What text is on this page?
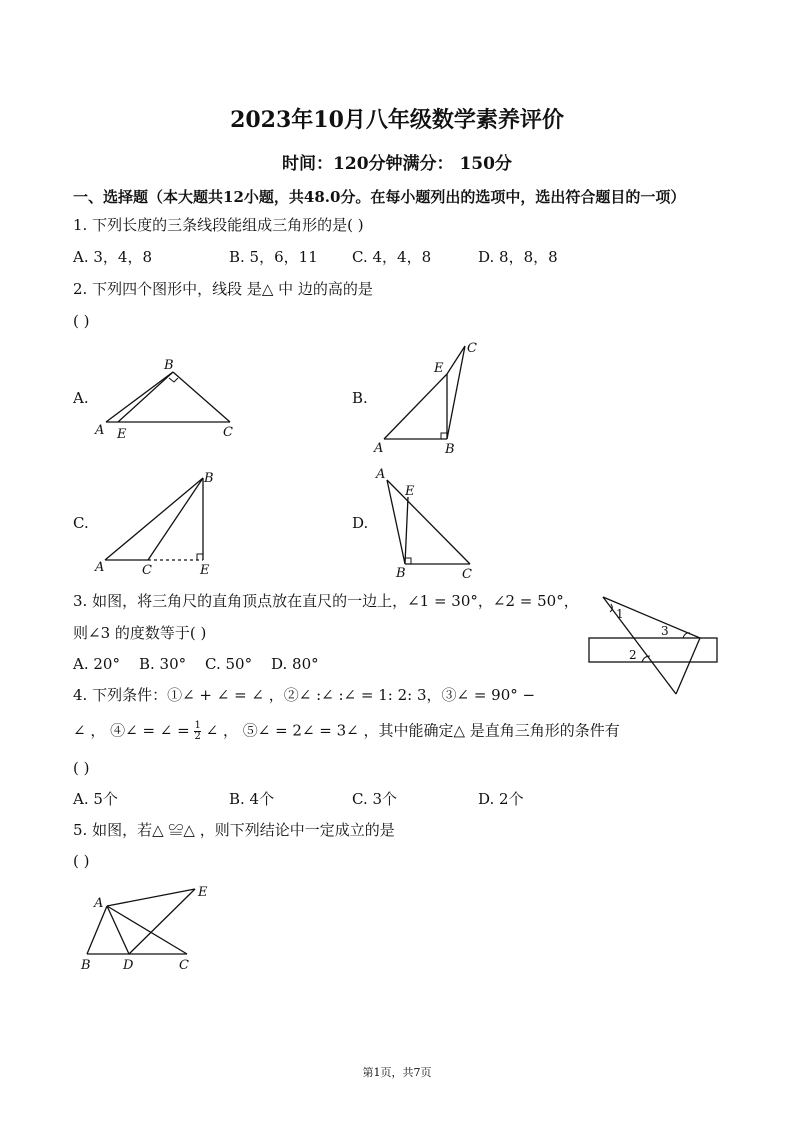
2023年10月八年级数学素养评价
时间：120分钟满分： 150分
一、选择题（本大题共12小题，共48.0分。在每小题列出的选项中，选出符合题目的一项）
1. 下列长度的三条线段能组成三角形的是( )
A. 3，4，8	B. 5，6，11 C. 4，4，8	D. 8，8，8
2. 下列四个图形中，线段 是△ 中 边的高的是
( )
A.
B
A E	C
B.
C
E
A	B
C.
B
A	C	E
D.
A
E
B	C
3. 如图，将三角尺的直角顶点放在直尺的一边上，∠1 = 30°，∠2 = 50°，
则∠3 的度数等于( )
A. 20° B. 30° C. 50° D. 80°
1
3
2
4. 下列条件：①∠ + ∠ = ∠ ，②∠ :∠ :∠ = 1: 2: 3，③∠ = 90° −
∠ ， ④∠ = ∠ = $\frac{1}{2}$ ∠ ， ⑤∠ = 2∠ = 3∠ ，其中能确定△ 是直角三角形的条件有
( )
A. 5个	B. 4个	C. 3个	D. 2个
5. 如图，若△ ≌△ ，则下列结论中一定成立的是
( )
A
E
B D	C
第1页，共7页
